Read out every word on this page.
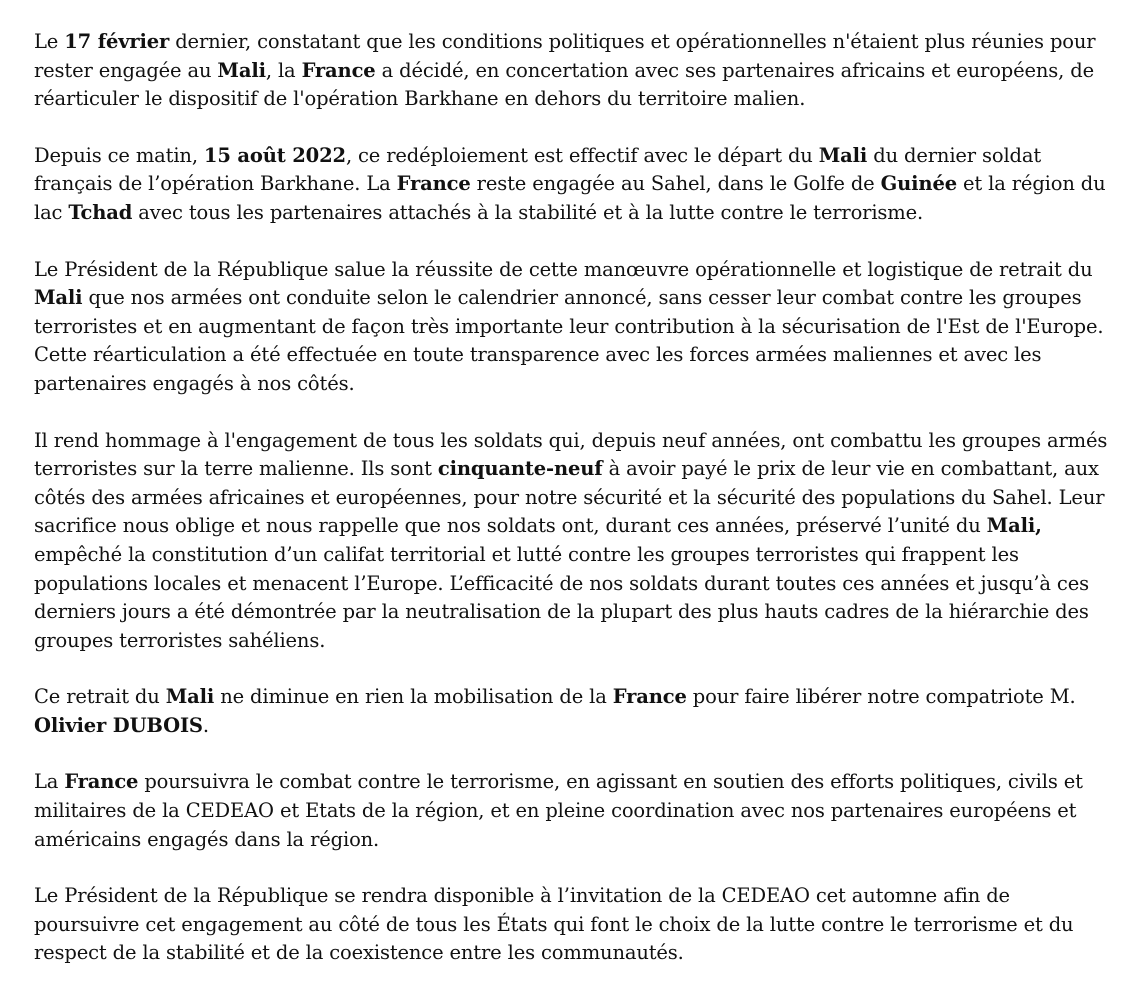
Le 17 février dernier, constatant que les conditions politiques et opérationnelles n'étaient plus réunies pour rester engagée au Mali, la France a décidé, en concertation avec ses partenaires africains et européens, de réarticuler le dispositif de l'opération Barkhane en dehors du territoire malien.

Depuis ce matin, 15 août 2022, ce redéploiement est effectif avec le départ du Mali du dernier soldat français de l’opération Barkhane. La France reste engagée au Sahel, dans le Golfe de Guinée et la région du lac Tchad avec tous les partenaires attachés à la stabilité et à la lutte contre le terrorisme.

Le Président de la République salue la réussite de cette manœuvre opérationnelle et logistique de retrait du Mali que nos armées ont conduite selon le calendrier annoncé, sans cesser leur combat contre les groupes terroristes et en augmentant de façon très importante leur contribution à la sécurisation de l'Est de l'Europe. Cette réarticulation a été effectuée en toute transparence avec les forces armées maliennes et avec les partenaires engagés à nos côtés.

Il rend hommage à l'engagement de tous les soldats qui, depuis neuf années, ont combattu les groupes armés terroristes sur la terre malienne. Ils sont cinquante-neuf à avoir payé le prix de leur vie en combattant, aux côtés des armées africaines et européennes, pour notre sécurité et la sécurité des populations du Sahel. Leur sacrifice nous oblige et nous rappelle que nos soldats ont, durant ces années, préservé l’unité du Mali, empêché la constitution d’un califat territorial et lutté contre les groupes terroristes qui frappent les populations locales et menacent l’Europe. L’efficacité de nos soldats durant toutes ces années et jusqu’à ces derniers jours a été démontrée par la neutralisation de la plupart des plus hauts cadres de la hiérarchie des groupes terroristes sahéliens.

Ce retrait du Mali ne diminue en rien la mobilisation de la France pour faire libérer notre compatriote M. Olivier DUBOIS.

La France poursuivra le combat contre le terrorisme, en agissant en soutien des efforts politiques, civils et militaires de la CEDEAO et Etats de la région, et en pleine coordination avec nos partenaires européens et américains engagés dans la région.

Le Président de la République se rendra disponible à l’invitation de la CEDEAO cet automne afin de poursuivre cet engagement au côté de tous les États qui font le choix de la lutte contre le terrorisme et du respect de la stabilité et de la coexistence entre les communautés.
